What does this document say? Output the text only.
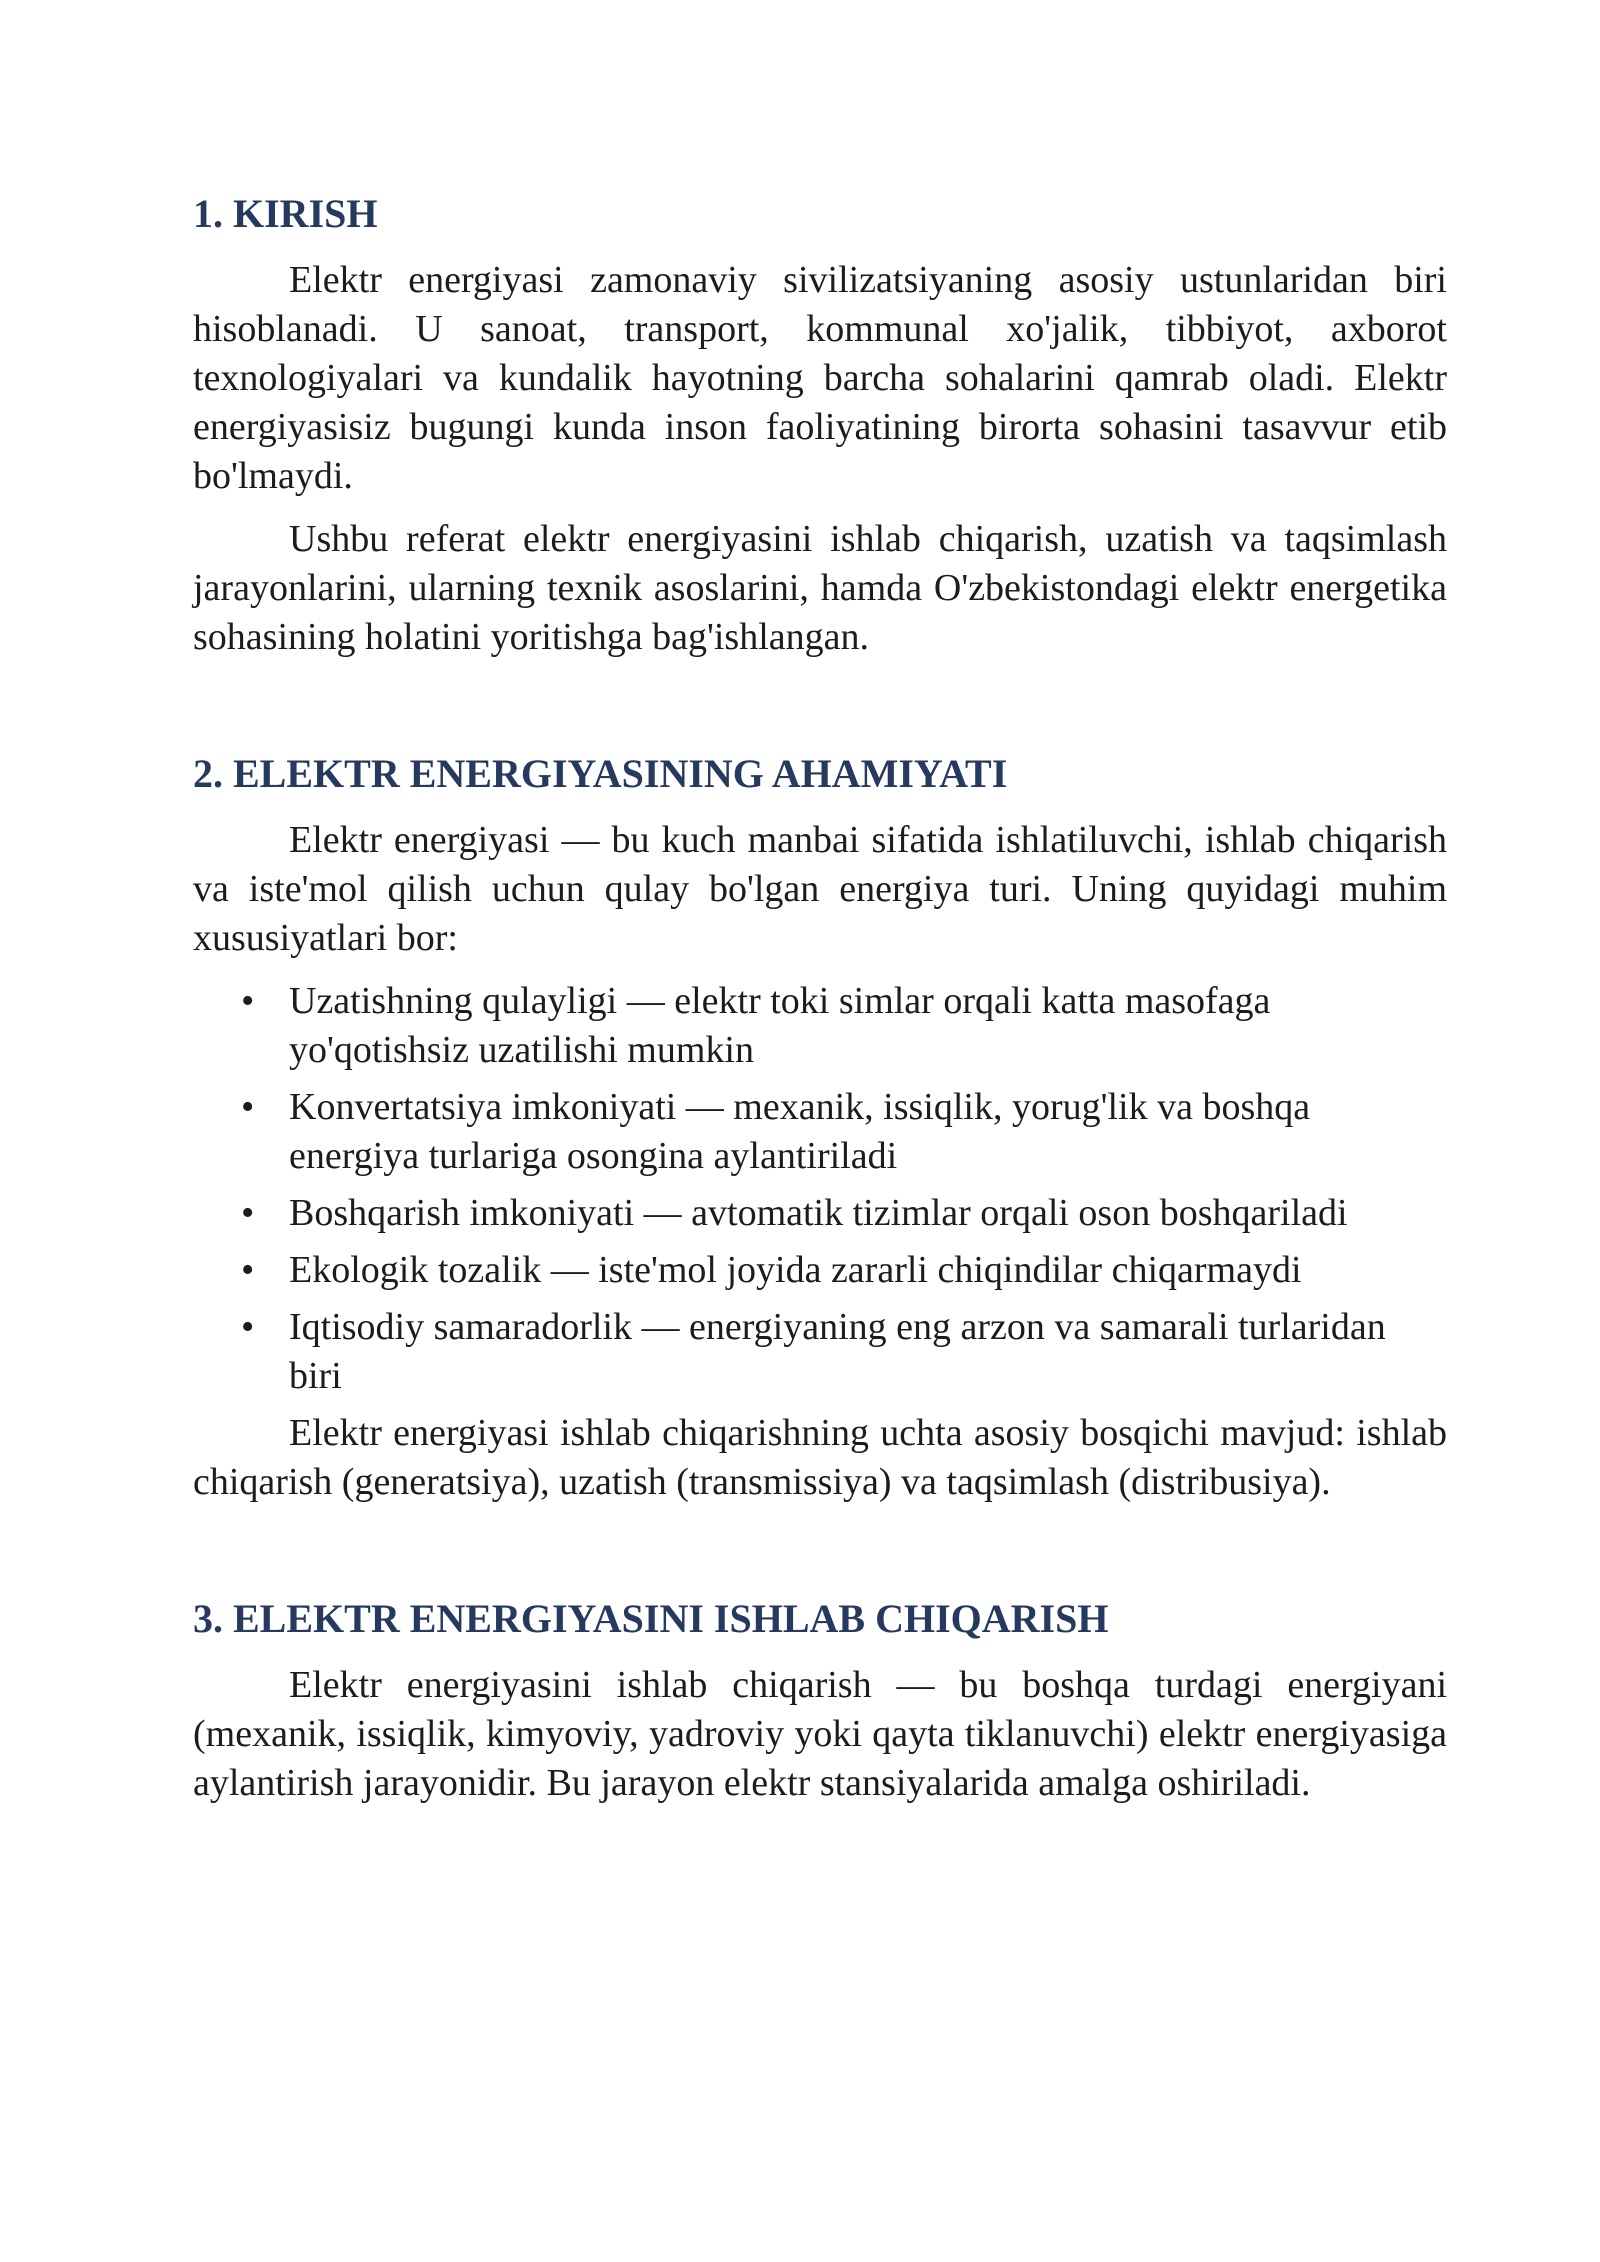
1. KIRISH

Elektr energiyasi zamonaviy sivilizatsiyaning asosiy ustunlaridan biri hisoblanadi. U sanoat, transport, kommunal xo'jalik, tibbiyot, axborot texnologiyalari va kundalik hayotning barcha sohalarini qamrab oladi. Elektr energiyasisiz bugungi kunda inson faoliyatining birorta sohasini tasavvur etib bo'lmaydi.

Ushbu referat elektr energiyasini ishlab chiqarish, uzatish va taqsimlash jarayonlarini, ularning texnik asoslarini, hamda O'zbekistondagi elektr energetika sohasining holatini yoritishga bag'ishlangan.

2. ELEKTR ENERGIYASINING AHAMIYATI

Elektr energiyasi — bu kuch manbai sifatida ishlatiluvchi, ishlab chiqarish va iste'mol qilish uchun qulay bo'lgan energiya turi. Uning quyidagi muhim xususiyatlari bor:

• Uzatishning qulayligi — elektr toki simlar orqali katta masofaga yo'qotishsiz uzatilishi mumkin
• Konvertatsiya imkoniyati — mexanik, issiqlik, yorug'lik va boshqa energiya turlariga osongina aylantiriladi
• Boshqarish imkoniyati — avtomatik tizimlar orqali oson boshqariladi
• Ekologik tozalik — iste'mol joyida zararli chiqindilar chiqarmaydi
• Iqtisodiy samaradorlik — energiyaning eng arzon va samarali turlaridan biri

Elektr energiyasi ishlab chiqarishning uchta asosiy bosqichi mavjud: ishlab chiqarish (generatsiya), uzatish (transmissiya) va taqsimlash (distribusiya).

3. ELEKTR ENERGIYASINI ISHLAB CHIQARISH

Elektr energiyasini ishlab chiqarish — bu boshqa turdagi energiyani (mexanik, issiqlik, kimyoviy, yadroviy yoki qayta tiklanuvchi) elektr energiyasiga aylantirish jarayonidir. Bu jarayon elektr stansiyalarida amalga oshiriladi.
